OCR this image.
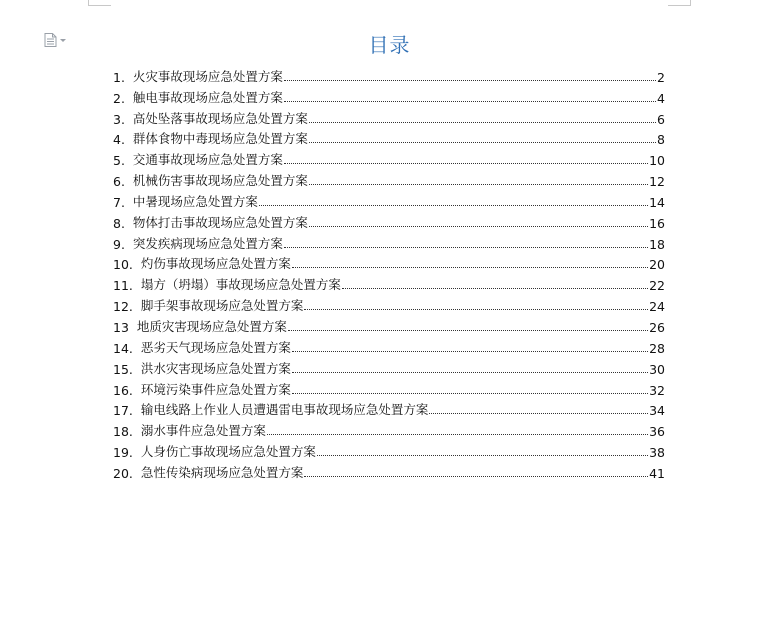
目录
1.
火灾事故现场应急处置方案	2
2.
触电事故现场应急处置方案	4
3.
高处坠落事故现场应急处置方案	6
4.
群体食物中毒现场应急处置方案	8
5.
交通事故现场应急处置方案	10
6.
机械伤害事故现场应急处置方案	12
7.
中暑现场应急处置方案	14
8.
物体打击事故现场应急处置方案	16
9.
突发疾病现场应急处置方案	18
10.
灼伤事故现场应急处置方案	20
11.
塌方（坍塌）事故现场应急处置方案	22
12.
脚手架事故现场应急处置方案	24
13
地质灾害现场应急处置方案	26
14.
恶劣天气现场应急处置方案	28
15.
洪水灾害现场应急处置方案	30
16.
环境污染事件应急处置方案	32
17.
输电线路上作业人员遭遇雷电事故现场应急处置方案	34
18.
溺水事件应急处置方案	36
19.
人身伤亡事故现场应急处置方案	38
20.
急性传染病现场应急处置方案	41
